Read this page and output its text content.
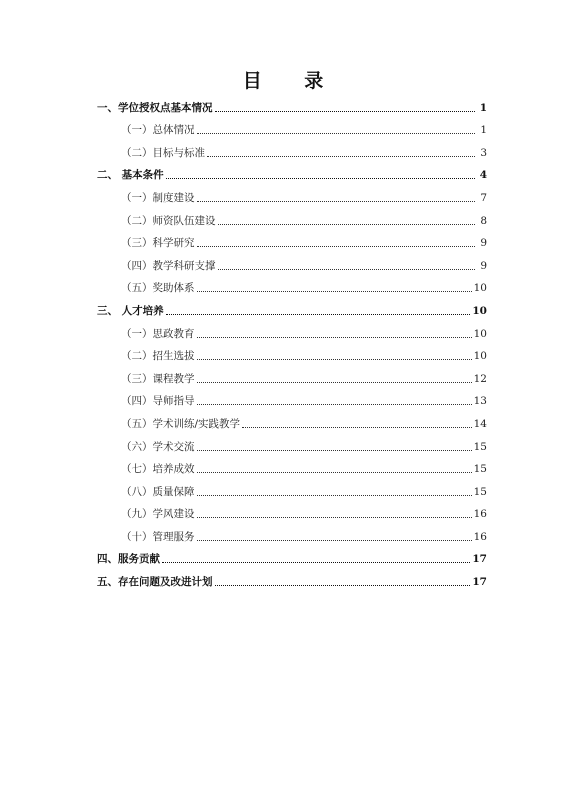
目 录
一、学位授权点基本情况	1
（一）总体情况	1
（二）目标与标准	3
二、 基本条件	4
（一）制度建设	7
（二）师资队伍建设	8
（三）科学研究	9
（四）教学科研支撑	9
（五）奖助体系	10
三、 人才培养	10
（一）思政教育	10
（二）招生选拔	10
（三）课程教学	12
（四）导师指导	13
（五）学术训练/实践教学	14
（六）学术交流	15
（七）培养成效	15
（八）质量保障	15
（九）学风建设	16
（十）管理服务	16
四、服务贡献	17
五、存在问题及改进计划	17
